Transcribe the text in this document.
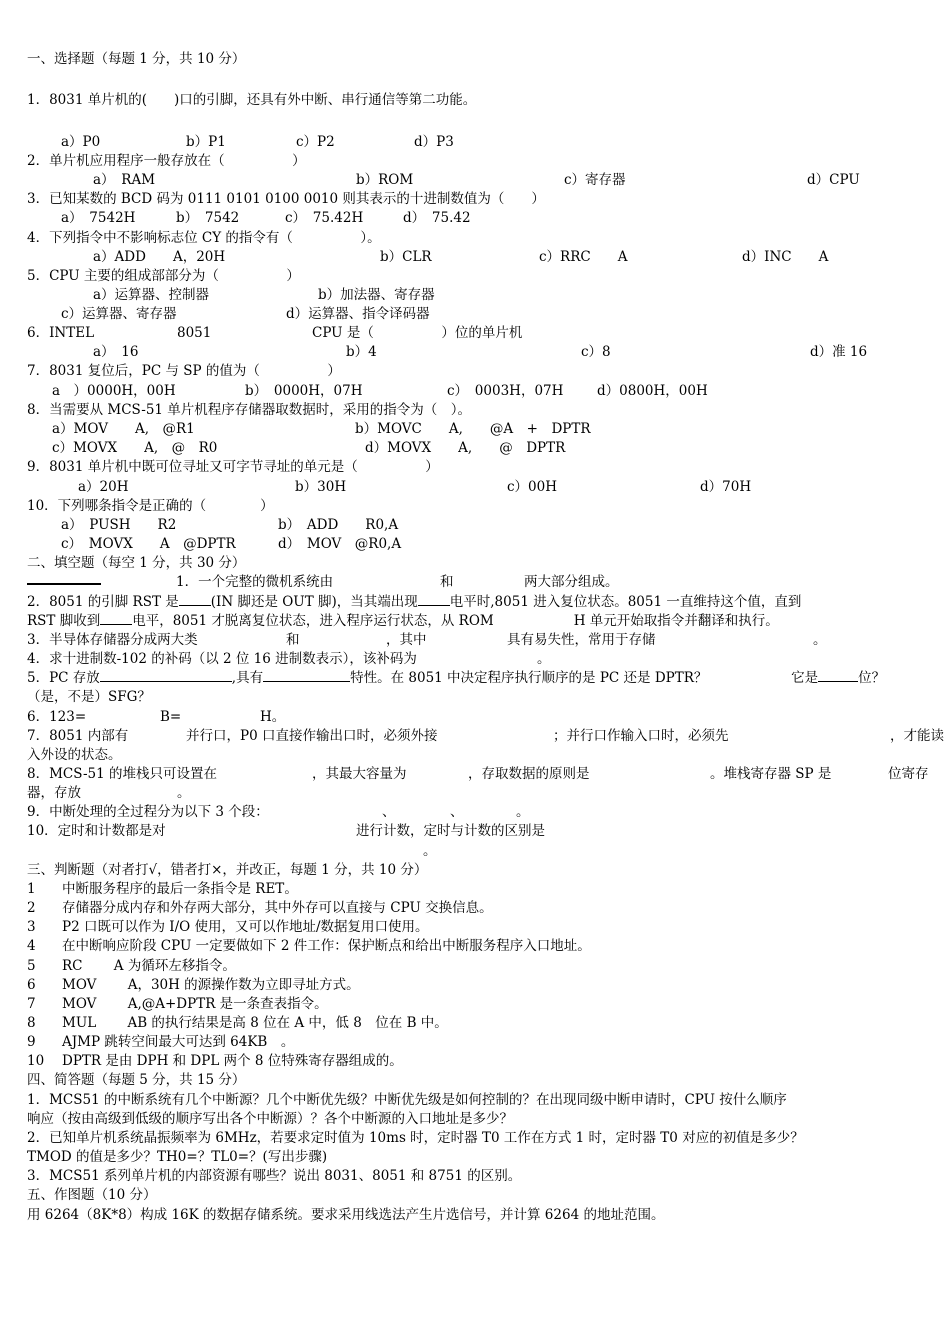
一、选择题（每题 1 分，共 10 分）
1．8031 单片机的(　　)口的引脚，还具有外中断、串行通信等第二功能。
a）P0	b）P1	c）P2	d）P3
2．单片机应用程序一般存放在（　　　　　）
a）　RAM	b）ROM	c）寄存器	d）CPU
3．已知某数的 BCD 码为 0111 0101 0100 0010 则其表示的十进制数值为（　　）
a）　7542H	b）　7542	c）　75.42H	d）　75.42
4．下列指令中不影响标志位 CY 的指令有（　　　　　）。
a）ADD　　A，20H	b）CLR	c）RRC　　A	d）INC　　A
5．CPU 主要的组成部部分为（　　　　　）
a）运算器、控制器	b）加法器、寄存器
c）运算器、寄存器	d）运算器、指令译码器
6．INTEL	8051	CPU 是（　　　　　）位的单片机
a）　16	b）4	c）8	d）准 16
7．8031 复位后，PC 与 SP 的值为（　　　　　）
a　）0000H，00H	b）　0000H，07H	c）　0003H，07H d）0800H，00H
8．当需要从 MCS-51 单片机程序存储器取数据时，采用的指令为（　）。
a）MOV　　A,　@R1	b）MOVC　　A,　　@A　+　DPTR
c）MOVX　　A,　@　R0	d）MOVX　　A,　　@　DPTR
9．8031 单片机中既可位寻址又可字节寻址的单元是（　　　　　）
a）20H	b）30H	c）00H	d）70H
10．下列哪条指令是正确的（　　　　）
a）　PUSH　　R2	b）　ADD　　R0,A
c）　MOVX　　A　@DPTR	d）　MOV　@R0,A
二、填空题（每空 1 分，共 30 分）
1．一个完整的微机系统由	和	两大部分组成。
2．8051 的引脚 RST 是 (IN 脚还是 OUT 脚)，当其端出现 电平时,8051 进入复位状态。8051 一直维持这个值，直到
RST 脚收到 电平，8051 才脱离复位状态，进入程序运行状态，从 ROM	H 单元开始取指令并翻译和执行。
3．半导体存储器分成两大类	和	，其中	具有易失性，常用于存储	。
4．求十进制数-102 的补码（以 2 位 16 进制数表示），该补码为	。
5．PC 存放	,具有	特性。在 8051 中决定程序执行顺序的是 PC 还是 DPTR？	它是	位？
（是，不是）SFG？
6．123=	B=	H。
7．8051 内部有	并行口，P0 口直接作输出口时，必须外接	；并行口作输入口时，必须先	，才能读
入外设的状态。
8．MCS-51 的堆栈只可设置在	，其最大容量为	，存取数据的原则是	。堆栈寄存器 SP 是	位寄存
器，存放	。
9．中断处理的全过程分为以下 3 个段：	、	、	。
10．定时和计数都是对	进行计数，定时与计数的区别是
。
三、判断题（对者打√，错者打×，并改正，每题 1 分，共 10 分）
1 中断服务程序的最后一条指令是 RET。
2 存储器分成内存和外存两大部分，其中外存可以直接与 CPU 交换信息。
3 P2 口既可以作为 I/O 使用，又可以作地址/数据复用口使用。
4 在中断响应阶段 CPU 一定要做如下 2 件工作：保护断点和给出中断服务程序入口地址。
5 RC　　 A 为循环左移指令。
6 MOV　　 A，30H 的源操作数为立即寻址方式。
7 MOV　　 A,@A+DPTR 是一条查表指令。
8 MUL　　 AB 的执行结果是高 8 位在 A 中，低 8　位在 B 中。
9 AJMP 跳转空间最大可达到 64KB　。
10 DPTR 是由 DPH 和 DPL 两个 8 位特殊寄存器组成的。
四、简答题（每题 5 分，共 15 分）
1．MCS51 的中断系统有几个中断源？几个中断优先级？中断优先级是如何控制的？在出现同级中断申请时，CPU 按什么顺序
响应（按由高级到低级的顺序写出各个中断源）？各个中断源的入口地址是多少？
2．已知单片机系统晶振频率为 6MHz，若要求定时值为 10ms 时，定时器 T0 工作在方式 1 时，定时器 T0 对应的初值是多少？
TMOD 的值是多少？TH0=？TL0=？(写出步骤)
3．MCS51 系列单片机的内部资源有哪些？说出 8031、8051 和 8751 的区别。
五、作图题（10 分）
用 6264（8K*8）构成 16K 的数据存储系统。要求采用线选法产生片选信号，并计算 6264 的地址范围。
